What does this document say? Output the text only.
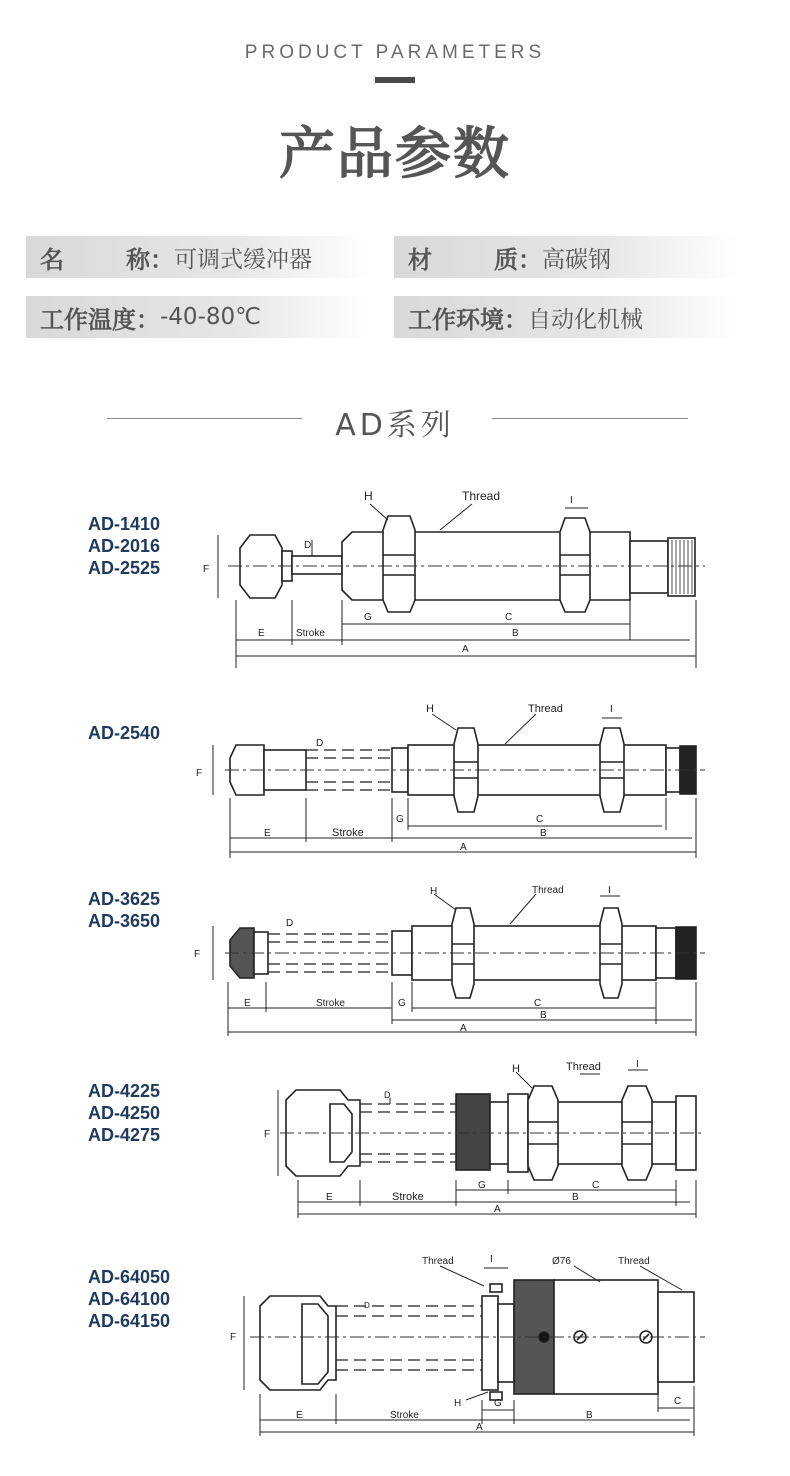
PRODUCT PARAMETERS
产品参数
名	称： 可调式缓冲器	材	质： 高碳钢
工作温度： -40-80℃	工作环境： 自动化机械
AD系列
AD-1410
AD-2016
AD-2525
H	Thread	I
D
F
G	C
E	Stroke	B
A
AD-2540
H	Thread	I
D
F
G	C
E	Stroke	B
A
AD-3625
AD-3650
H	Thread	I
D
F
G	C
E	Stroke
B
A
AD-4225
AD-4250
AD-4275
H	Thread	I
D
F
G	C
E	Stroke	B
A
AD-64050
AD-64100
AD-64150
Thread	I	Ø76	Thread
D
F
H	G	C
E	Stroke	B
A
